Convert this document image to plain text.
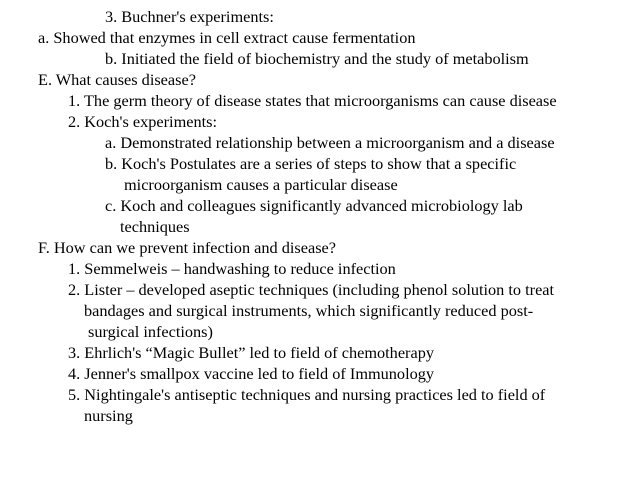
3. Buchner's experiments:
a. Showed that enzymes in cell extract cause fermentation
b. Initiated the field of biochemistry and the study of metabolism
E. What causes disease?
1. The germ theory of disease states that microorganisms can cause disease
2. Koch's experiments:
a. Demonstrated relationship between a microorganism and a disease
b. Koch's Postulates are a series of steps to show that a specific
microorganism causes a particular disease
c. Koch and colleagues significantly advanced microbiology lab
techniques
F. How can we prevent infection and disease?
1. Semmelweis – handwashing to reduce infection
2. Lister – developed aseptic techniques (including phenol solution to treat
bandages and surgical instruments, which significantly reduced post-
surgical infections)
3. Ehrlich's “Magic Bullet” led to field of chemotherapy
4. Jenner's smallpox vaccine led to field of Immunology
5. Nightingale's antiseptic techniques and nursing practices led to field of
nursing
